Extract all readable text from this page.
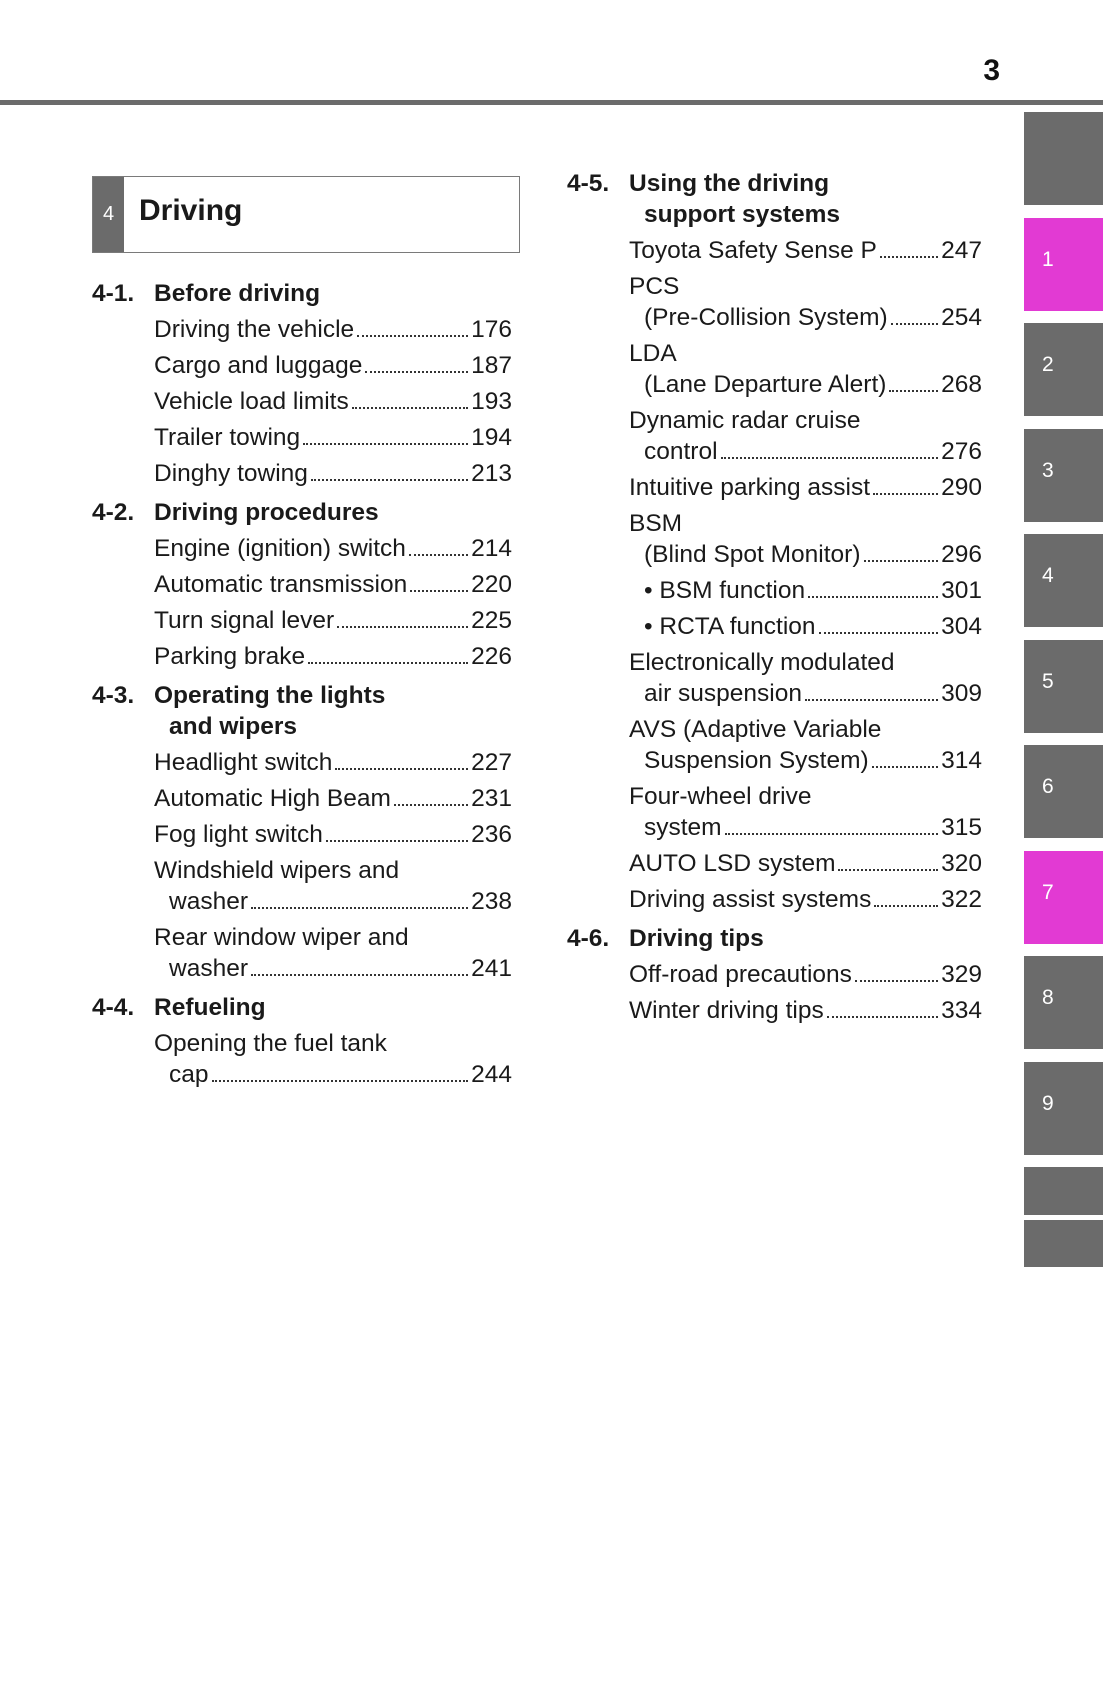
3
4 Driving
4-1. Before driving
Driving the vehicle	176
Cargo and luggage	187
Vehicle load limits	193
Trailer towing	194
Dinghy towing	213
4-2. Driving procedures
Engine (ignition) switch	214
Automatic transmission	220
Turn signal lever	225
Parking brake	226
4-3. Operating the lights
and wipers
Headlight switch	227
Automatic High Beam	231
Fog light switch	236
Windshield wipers and
washer	238
Rear window wiper and
washer	241
4-4. Refueling
Opening the fuel tank
cap	244
4-5. Using the driving
support systems
Toyota Safety Sense P	247
PCS
(Pre-Collision System) 254
LDA
(Lane Departure Alert) 268
Dynamic radar cruise
control	276
Intuitive parking assist	290
BSM
(Blind Spot Monitor)	296
• BSM function	301
• RCTA function	304
Electronically modulated
air suspension	309
AVS (Adaptive Variable
Suspension System)	314
Four-wheel drive
system	315
AUTO LSD system	320
Driving assist systems	322
4-6. Driving tips
Off-road precautions	329
Winter driving tips	334
1
2
3
4
5
6
7
8
9
